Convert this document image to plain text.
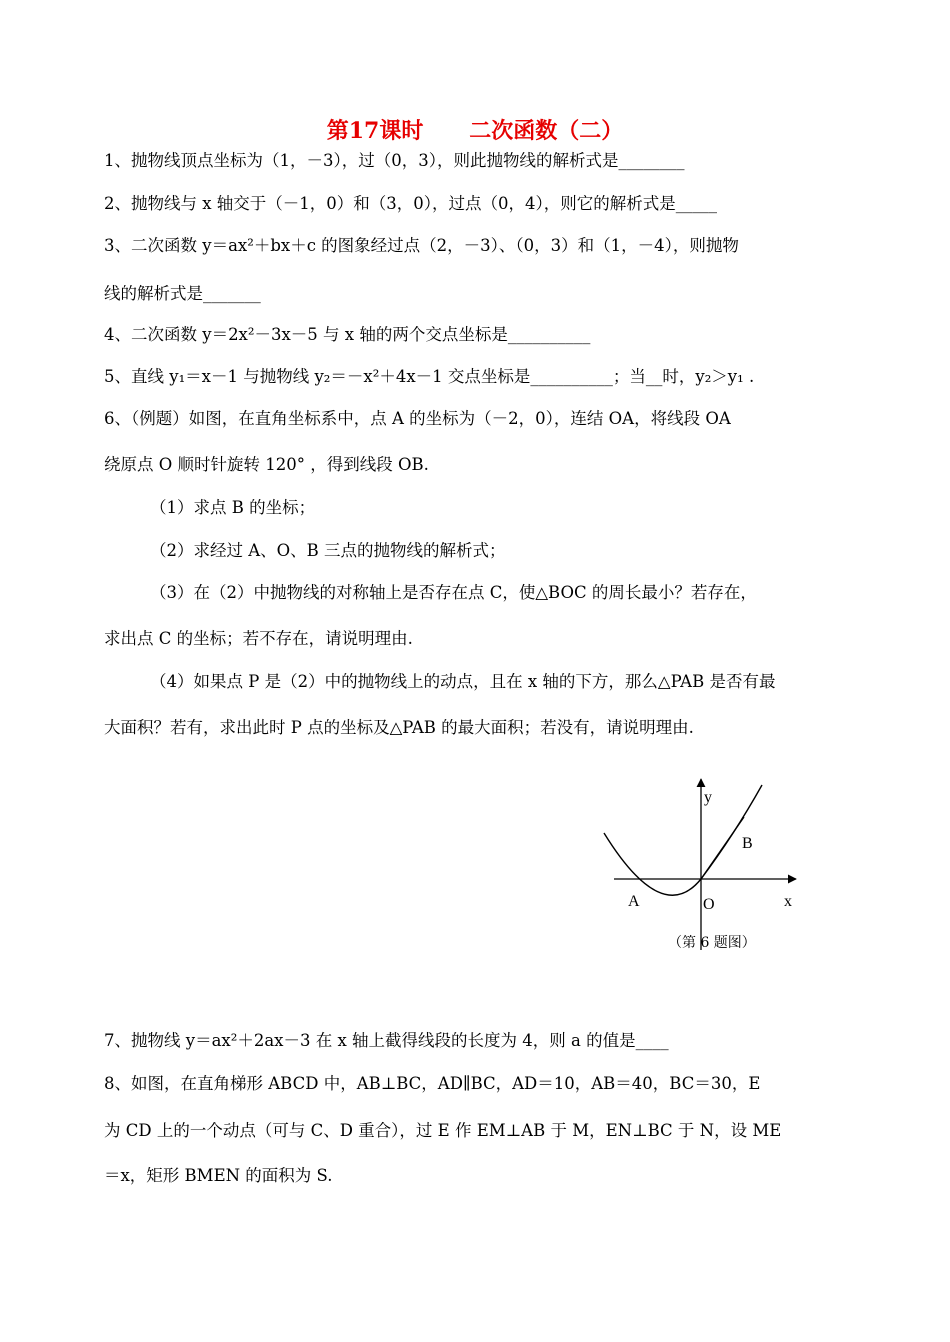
第17课时      二次函数（二）
1、抛物线顶点坐标为（1，－3），过（0，3），则此抛物线的解析式是________
2、抛物线与 x 轴交于（－1，0）和（3，0），过点（0，4），则它的解析式是_____
3、二次函数 y＝ax²＋bx＋c 的图象经过点（2，－3）、（0，3）和（1，－4），则抛物
线的解析式是_______
4、二次函数 y＝2x²－3x－5 与 x 轴的两个交点坐标是__________
5、直线 y₁＝x－1 与抛物线 y₂＝－x²＋4x－1 交点坐标是__________；当__时，y₂＞y₁ .
6、（例题）如图，在直角坐标系中，点 A 的坐标为（－2，0），连结 OA，将线段 OA
绕原点 O 顺时针旋转 120° ，得到线段 OB.
（1）求点 B 的坐标；
（2）求经过 A、O、B 三点的抛物线的解析式；
（3）在（2）中抛物线的对称轴上是否存在点 C，使△BOC 的周长最小？若存在，
求出点 C 的坐标；若不存在，请说明理由.
（4）如果点 P 是（2）中的抛物线上的动点，且在 x 轴的下方，那么△PAB 是否有最
大面积？若有，求出此时 P 点的坐标及△PAB 的最大面积；若没有，请说明理由.
y
x
A	O
B
（第 6 题图）
7、抛物线 y＝ax²＋2ax－3 在 x 轴上截得线段的长度为 4，则 a 的值是____
8、如图，在直角梯形 ABCD 中，AB⊥BC，AD∥BC，AD＝10，AB＝40，BC＝30，E
为 CD 上的一个动点（可与 C、D 重合），过 E 作 EM⊥AB 于 M，EN⊥BC 于 N，设 ME
＝x，矩形 BMEN 的面积为 S.
